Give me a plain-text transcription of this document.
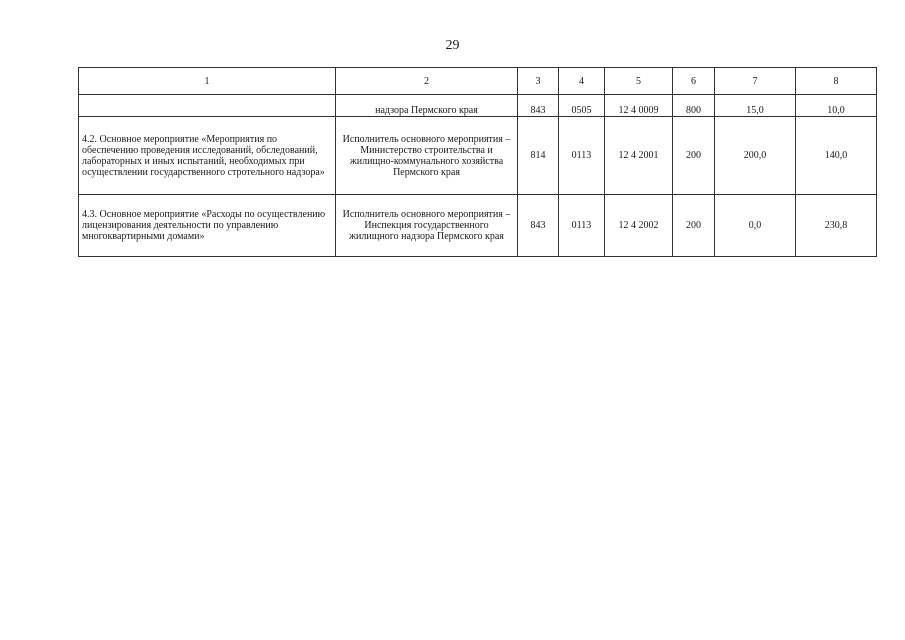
29
1	2	3	4	5	6	7	8
	надзора Пермского края	843	0505	12 4 0009	800	15,0	10,0
4.2. Основное мероприятие «Мероприятия по обеспечению проведения исследований, обследований, лабораторных и иных испытаний, необходимых при осуществлении государственного стротельного надзора»	Исполнитель основного мероприятия – Министерство строительства и жилищно-коммунального хозяйства Пермского края	814	0113	12 4 2001	200	200,0	140,0
4.3. Основное мероприятие «Расходы по осуществлению лицензирования деятельности по управлению многоквартирными домами»	Исполнитель основного мероприятия – Инспекция государственного жилищного надзора Пермского края	843	0113	12 4 2002	200	0,0	230,8
